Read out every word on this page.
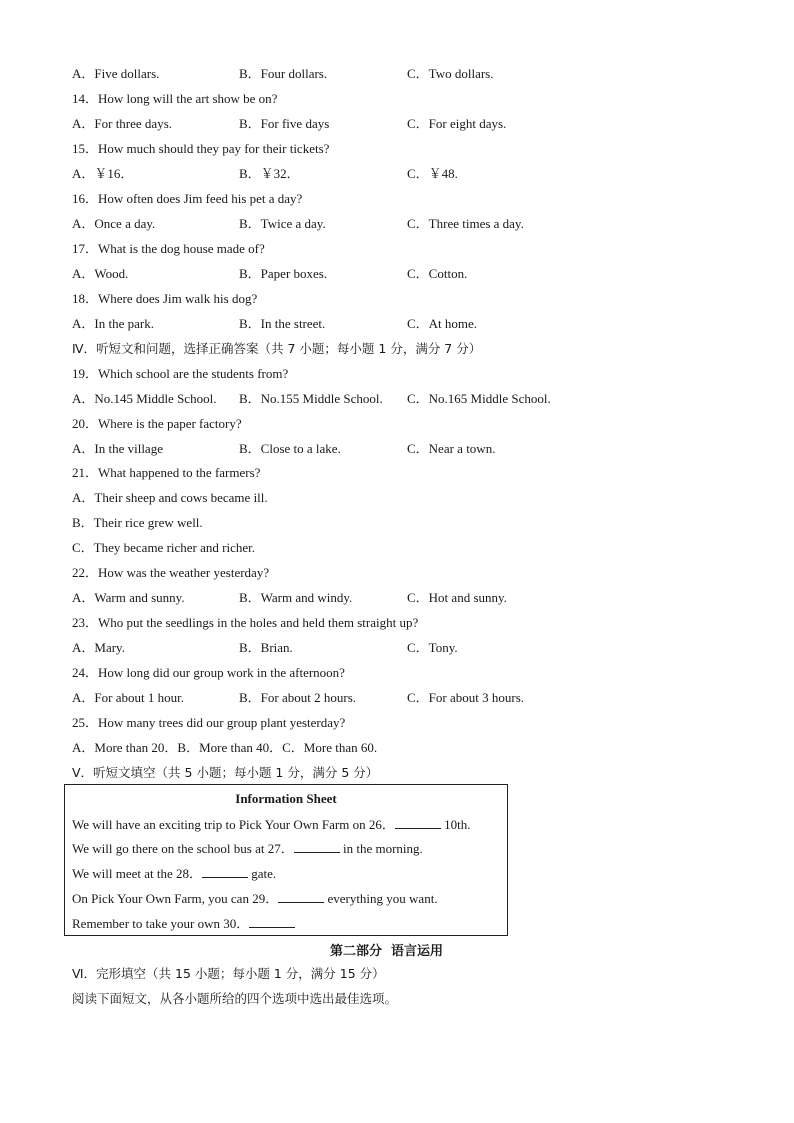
A．Five dollars.	B．Four dollars.	C．Two dollars.
14．How long will the art show be on?
A．For three days.	B．For five days	C．For eight days.
15．How much should they pay for their tickets?
A．￥16．	B．￥32．	C．￥48.
16．How often does Jim feed his pet a day?
A．Once a day.	B．Twice a day.	C．Three times a day.
17．What is the dog house made of?
A．Wood.	B．Paper boxes.	C．Cotton.
18．Where does Jim walk his dog?
A．In the park.	B．In the street.	C．At home.
Ⅳ．听短文和问题，选择正确答案（共 7 小题；每小题 1 分，满分 7 分）
19．Which school are the students from?
A．No.145 Middle School. B．No.155 Middle School. C．No.165 Middle School.
20．Where is the paper factory?
A．In the village	B．Close to a lake.	C．Near a town.
21．What happened to the farmers?
A．Their sheep and cows became ill.
B．Their rice grew well.
C．They became richer and richer.
22．How was the weather yesterday?
A．Warm and sunny.	B．Warm and windy.	C．Hot and sunny.
23．Who put the seedlings in the holes and held them straight up?
A．Mary.	B．Brian.	C．Tony.
24．How long did our group work in the afternoon?
A．For about 1 hour.	B．For about 2 hours.	C．For about 3 hours.
25．How many trees did our group plant yesterday?
A．More than 20．B．More than 40．C．More than 60.
Ⅴ．听短文填空（共 5 小题；每小题 1 分，满分 5 分）
Information Sheet
We will have an exciting trip to Pick Your Own Farm on 26．	10th.
We will go there on the school bus at 27．	in the morning.
We will meet at the 28．	gate.
On Pick Your Own Farm, you can 29．	everything you want.
Remember to take your own 30．
第二部分  语言运用
Ⅵ．完形填空（共 15 小题；每小题 1 分，满分 15 分）
阅读下面短文，从各小题所给的四个选项中选出最佳选项。
